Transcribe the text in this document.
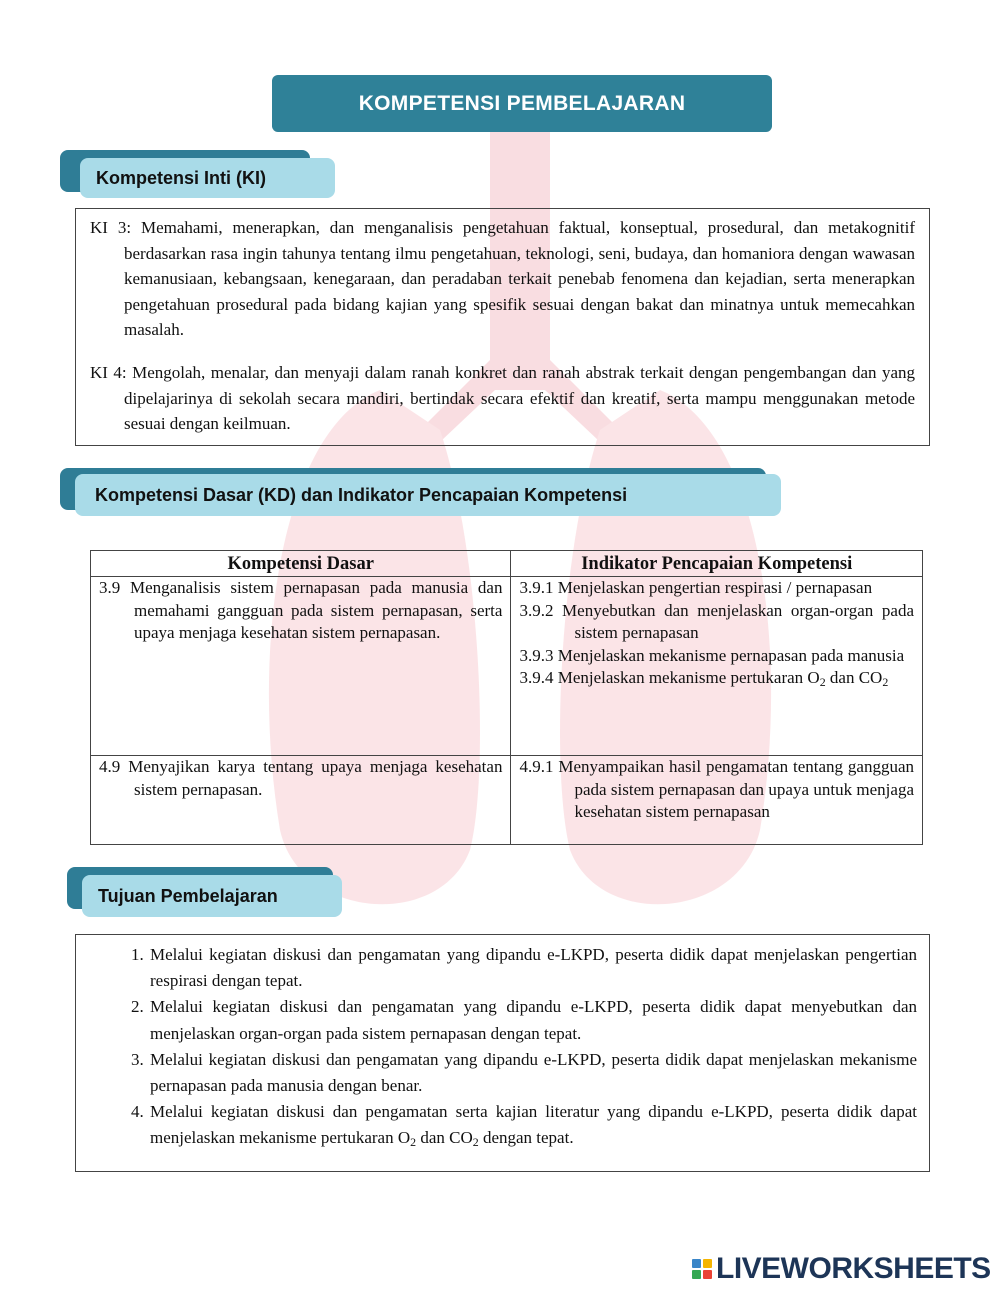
KOMPETENSI PEMBELAJARAN
Kompetensi Inti (KI)

KI 3: Memahami, menerapkan, dan menganalisis pengetahuan faktual, konseptual, prosedural, dan metakognitif berdasarkan rasa ingin tahunya tentang ilmu pengetahuan, teknologi, seni, budaya, dan homaniora dengan wawasan kemanusiaan, kebangsaan, kenegaraan, dan peradaban terkait penebab fenomena dan kejadian, serta menerapkan pengetahuan prosedural pada bidang kajian yang spesifik sesuai dengan bakat dan minatnya untuk memecahkan masalah.

KI 4: Mengolah, menalar, dan menyaji dalam ranah konkret dan ranah abstrak terkait dengan pengembangan dan yang dipelajarinya di sekolah secara mandiri, bertindak secara efektif dan kreatif, serta mampu menggunakan metode sesuai dengan keilmuan.

Kompetensi Dasar (KD) dan Indikator Pencapaian Kompetensi
Kompetensi Dasar	Indikator Pencapaian Kompetensi

3.9 Menganalisis sistem pernapasan pada manusia dan memahami gangguan pada sistem pernapasan, serta upaya menjaga kesehatan sistem pernapasan.	3.9.1 Menjelaskan pengertian respirasi / pernapasan
3.9.2 Menyebutkan dan menjelaskan organ-organ pada sistem pernapasan
3.9.3 Menjelaskan mekanisme pernapasan pada manusia
3.9.4 Menjelaskan mekanisme pertukaran $O_2$ dan $CO_2$

4.9 Menyajikan karya tentang upaya menjaga kesehatan sistem pernapasan.	4.9.1 Menyampaikan hasil pengamatan tentang gangguan pada sistem pernapasan dan upaya untuk menjaga kesehatan sistem pernapasan
Tujuan Pembelajaran
1. Melalui kegiatan diskusi dan pengamatan yang dipandu e-LKPD, peserta didik dapat menjelaskan pengertian respirasi dengan tepat.
2. Melalui kegiatan diskusi dan pengamatan yang dipandu e-LKPD, peserta didik dapat menyebutkan dan menjelaskan organ-organ pada sistem pernapasan dengan tepat.
3. Melalui kegiatan diskusi dan pengamatan yang dipandu e-LKPD, peserta didik dapat menjelaskan mekanisme pernapasan pada manusia dengan benar.
4. Melalui kegiatan diskusi dan pengamatan serta kajian literatur yang dipandu e-LKPD, peserta didik dapat menjelaskan mekanisme pertukaran $O_2$ dan $CO_2$ dengan tepat.
LIVEWORKSHEETS
